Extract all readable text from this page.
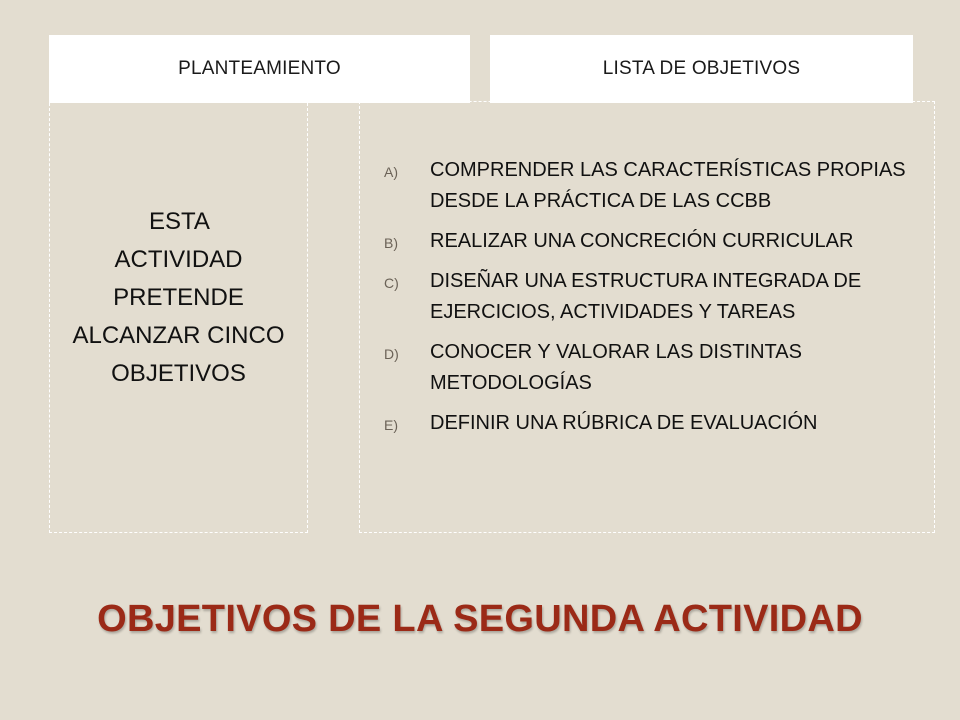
PLANTEAMIENTO	LISTA DE OBJETIVOS
ESTA
ACTIVIDAD PRETENDE ALCANZAR CINCO OBJETIVOS
A)	COMPRENDER LAS CARACTERÍSTICAS PROPIAS DESDE LA PRÁCTICA DE LAS CCBB
B)	REALIZAR UNA CONCRECIÓN CURRICULAR
C)	DISEÑAR UNA ESTRUCTURA INTEGRADA DE EJERCICIOS, ACTIVIDADES Y TAREAS
D)	CONOCER Y VALORAR LAS DISTINTAS METODOLOGÍAS
E)	DEFINIR UNA RÚBRICA DE EVALUACIÓN
OBJETIVOS DE LA SEGUNDA ACTIVIDAD
